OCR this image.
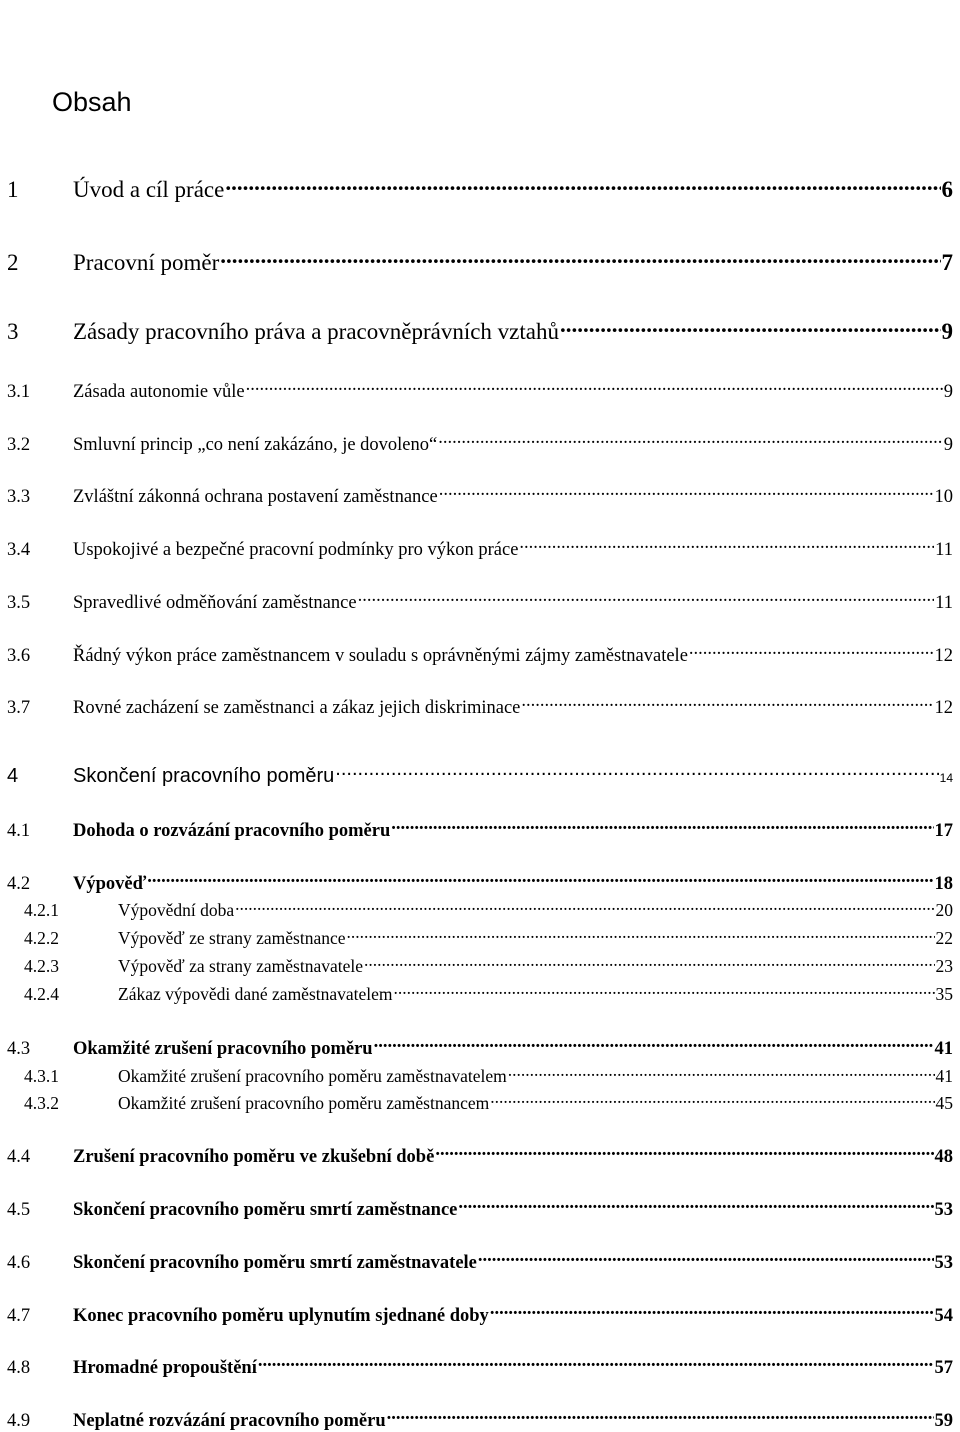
Obsah
1	Úvod a cíl práce .....	6
2	Pracovní poměr .....	7
3	Zásady pracovního práva a pracovněprávních vztahů .....	9
3.1	Zásada autonomie vůle .....	9
3.2	Smluvní princip „co není zakázáno, je dovoleno“ .....	9
3.3	Zvláštní zákonná ochrana postavení zaměstnance .....	10
3.4	Uspokojivé a bezpečné pracovní podmínky pro výkon práce .....	11
3.5	Spravedlivé odměňování zaměstnance .....	11
3.6	Řádný výkon práce zaměstnancem v souladu s oprávněnými zájmy zaměstnavatele .....	12
3.7	Rovné zacházení se zaměstnanci a zákaz jejich diskriminace .....	12
4	Skončení pracovního poměru .....	14
4.1	Dohoda o rozvázání pracovního poměru .....	17
4.2	Výpověď .....	18
4.2.1	Výpovědní doba .....	20
4.2.2	Výpověď ze strany zaměstnance .....	22
4.2.3	Výpověď za strany zaměstnavatele .....	23
4.2.4	Zákaz výpovědi dané zaměstnavatelem .....	35
4.3	Okamžité zrušení pracovního poměru .....	41
4.3.1	Okamžité zrušení pracovního poměru zaměstnavatelem .....	41
4.3.2	Okamžité zrušení pracovního poměru zaměstnancem .....	45
4.4	Zrušení pracovního poměru ve zkušební době .....	48
4.5	Skončení pracovního poměru smrtí zaměstnance .....	53
4.6	Skončení pracovního poměru smrtí zaměstnavatele .....	53
4.7	Konec pracovního poměru uplynutím sjednané doby .....	54
4.8	Hromadné propouštění .....	57
4.9	Neplatné rozvázání pracovního poměru .....	59
